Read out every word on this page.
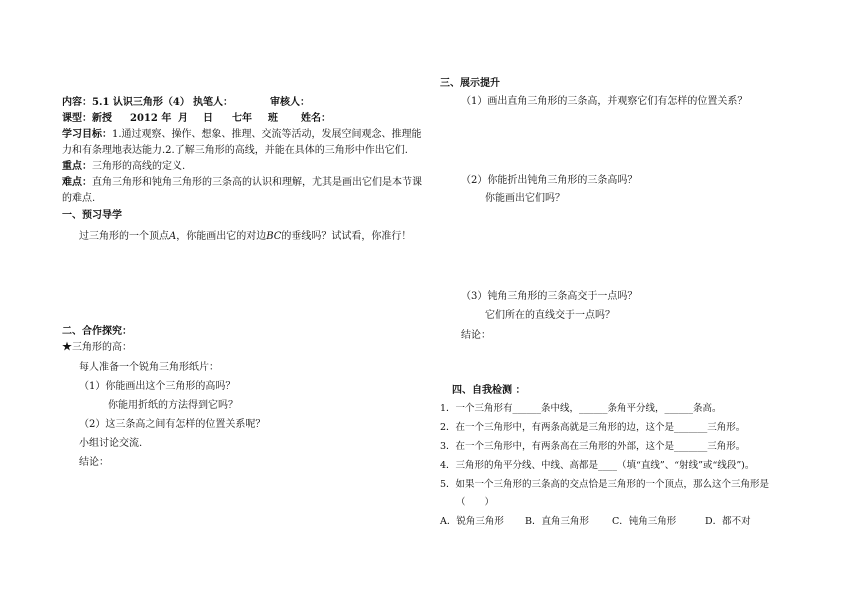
内容：5.1 认识三角形（4） 执笔人：	审核人：
课型：新授 2012 年 月 日 七年 班 姓名：
学习目标：1.通过观察、操作、想象、推理、交流等活动，发展空间观念、推理能
力和有条理地表达能力.2.了解三角形的高线，并能在具体的三角形中作出它们.
重点：三角形的高线的定义.
难点：直角三角形和钝角三角形的三条高的认识和理解，尤其是画出它们是本节课
的难点.
一、预习导学
过三角形的一个顶点A，你能画出它的对边BC的垂线吗？试试看，你准行！
二、合作探究：
★三角形的高：
每人准备一个锐角三角形纸片：
（1）你能画出这个三角形的高吗？
你能用折纸的方法得到它吗？
（2）这三条高之间有怎样的位置关系呢？
小组讨论交流.
结论：
三、展示提升
（1）画出直角三角形的三条高，并观察它们有怎样的位置关系？
（2）你能折出钝角三角形的三条高吗？
你能画出它们吗？
（3）钝角三角形的三条高交于一点吗？
它们所在的直线交于一点吗？
结论：
四、自我检测 ：
1．一个三角形有______条中线，______条角平分线，______条高。
2．在一个三角形中，有两条高就是三角形的边，这个是_______三角形。
3．在一个三角形中，有两条高在三角形的外部，这个是_______三角形。
4．三角形的角平分线、中线、高都是____（填“直线”、“射线”或“线段”)。
5．如果一个三角形的三条高的交点恰是三角形的一个顶点，那么这个三角形是
（　　）
A．锐角三角形 B．直角三角形 C．钝角三角形	D．都不对
